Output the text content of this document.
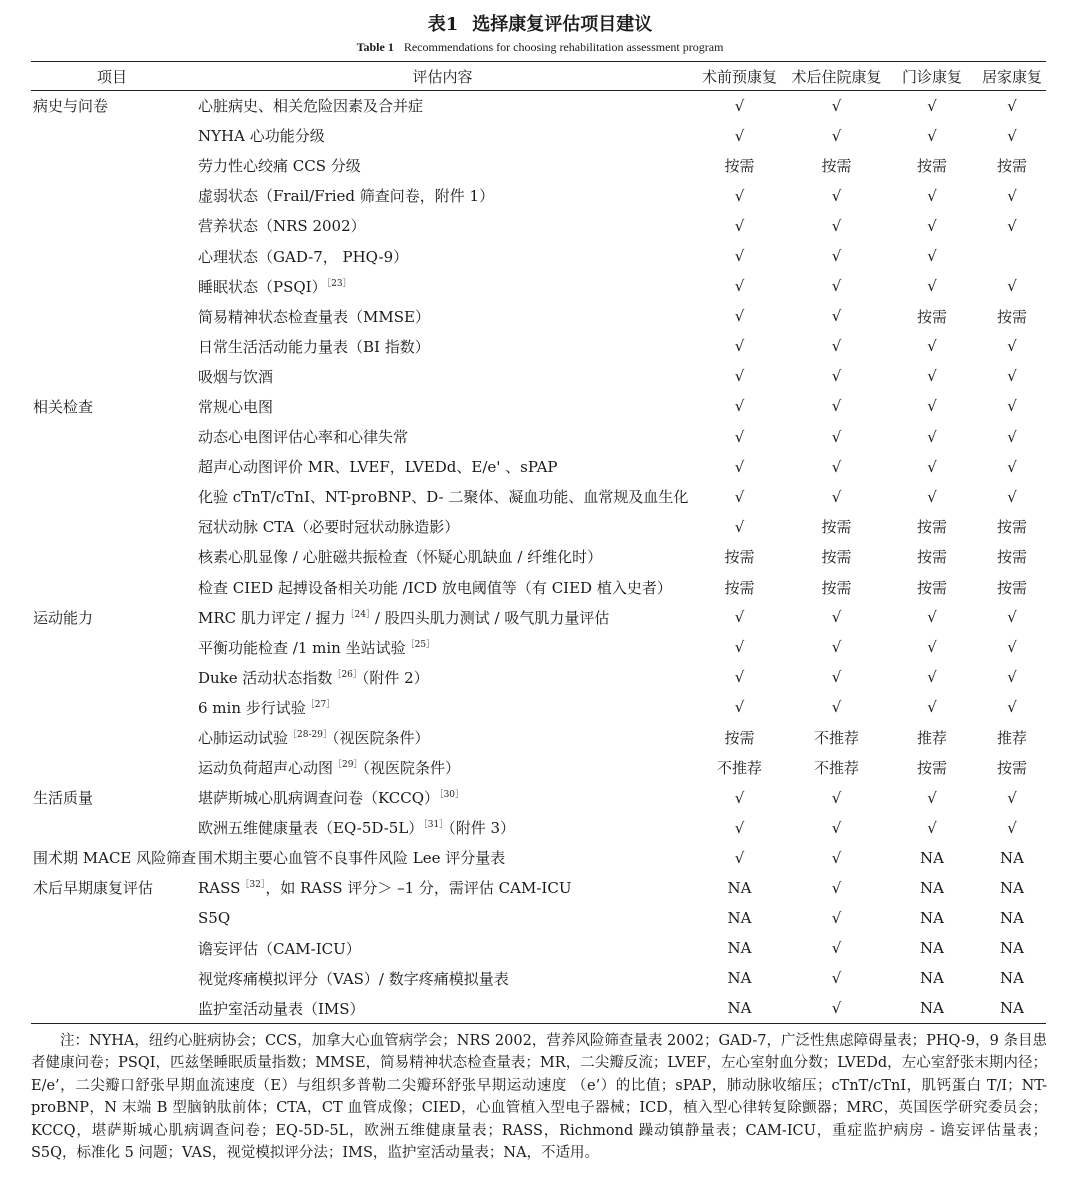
表1 选择康复评估项目建议
Table 1 Recommendations for choosing rehabilitation assessment program
项目	评估内容	术前预康复	术后住院康复	门诊康复	居家康复
病史与问卷	心脏病史、相关危险因素及合并症	√	√	√	√
	NYHA 心功能分级	√	√	√	√
	劳力性心绞痛 CCS 分级	按需	按需	按需	按需
	虚弱状态（Frail/Fried 筛查问卷，附件 1）	√	√	√	√
	营养状态（NRS 2002）	√	√	√	√
	心理状态（GAD-7， PHQ-9）	√	√	√	
	睡眠状态（PSQI）$^{[23]}$	√	√	√	√
	简易精神状态检查量表（MMSE）	√	√	按需	按需
	日常生活活动能力量表（BI 指数）	√	√	√	√
	吸烟与饮酒	√	√	√	√
相关检查	常规心电图	√	√	√	√
	动态心电图评估心率和心律失常	√	√	√	√
	超声心动图评价 MR、LVEF，LVEDd、E/e' 、sPAP	√	√	√	√
	化验 cTnT/cTnI、NT-proBNP、D- 二聚体、凝血功能、血常规及血生化	√	√	√	√
	冠状动脉 CTA（必要时冠状动脉造影）	√	按需	按需	按需
	核素心肌显像 / 心脏磁共振检查（怀疑心肌缺血 / 纤维化时）	按需	按需	按需	按需
	检查 CIED 起搏设备相关功能 /ICD 放电阈值等（有 CIED 植入史者）	按需	按需	按需	按需
运动能力	MRC 肌力评定 / 握力$^{[24]}$/ 股四头肌力测试 / 吸气肌力量评估	√	√	√	√
	平衡功能检查 /1 min 坐站试验$^{[25]}$	√	√	√	√
	Duke 活动状态指数$^{[26]}$（附件 2）	√	√	√	√
	6 min 步行试验$^{[27]}$	√	√	√	√
	心肺运动试验$^{[28-29]}$（视医院条件）	按需	不推荐	推荐	推荐
	运动负荷超声心动图$^{[29]}$（视医院条件）	不推荐	不推荐	按需	按需
生活质量	堪萨斯城心肌病调查问卷（KCCQ）$^{[30]}$	√	√	√	√
	欧洲五维健康量表$(EQ-5D-5L)^{[31]}$（附件 3）	√	√	√	√
围术期 MACE 风险筛查	围术期主要心血管不良事件风险 Lee 评分量表	√	√	NA	NA
术后早期康复评估	$RASS^{[32]}$，如 RASS 评分＞ –1 分，需评估 CAM-ICU	NA	√	NA	NA
	S5Q	NA	√	NA	NA
	谵妄评估（CAM-ICU）	NA	√	NA	NA
	视觉疼痛模拟评分（VAS）/ 数字疼痛模拟量表	NA	√	NA	NA
	监护室活动量表（IMS）	NA	√	NA	NA
注：NYHA，纽约心脏病协会；CCS，加拿大心血管病学会；NRS 2002，营养风险筛查量表 2002；GAD-7，广泛性焦虑障碍量表；PHQ-9，9 条目患者健康问卷；PSQI，匹兹堡睡眠质量指数；MMSE，简易精神状态检查量表；MR，二尖瓣反流；LVEF，左心室射血分数；LVEDd，左心室舒张末期内径；E/e’，二尖瓣口舒张早期血流速度（E）与组织多普勒二尖瓣环舒张早期运动速度 （e’）的比值；sPAP，肺动脉收缩压；cTnT/cTnI，肌钙蛋白 T/I；NT-proBNP，N 末端 B 型脑钠肽前体；CTA，CT 血管成像；CIED，心血管植入型电子器械；ICD，植入型心律转复除颤器；MRC，英国医学研究委员会；KCCQ，堪萨斯城心肌病调查问卷；EQ-5D-5L，欧洲五维健康量表；RASS，Richmond 躁动镇静量表；CAM-ICU，重症监护病房 - 谵妄评估量表；S5Q，标准化 5 问题；VAS，视觉模拟评分法；IMS，监护室活动量表；NA，不适用。
